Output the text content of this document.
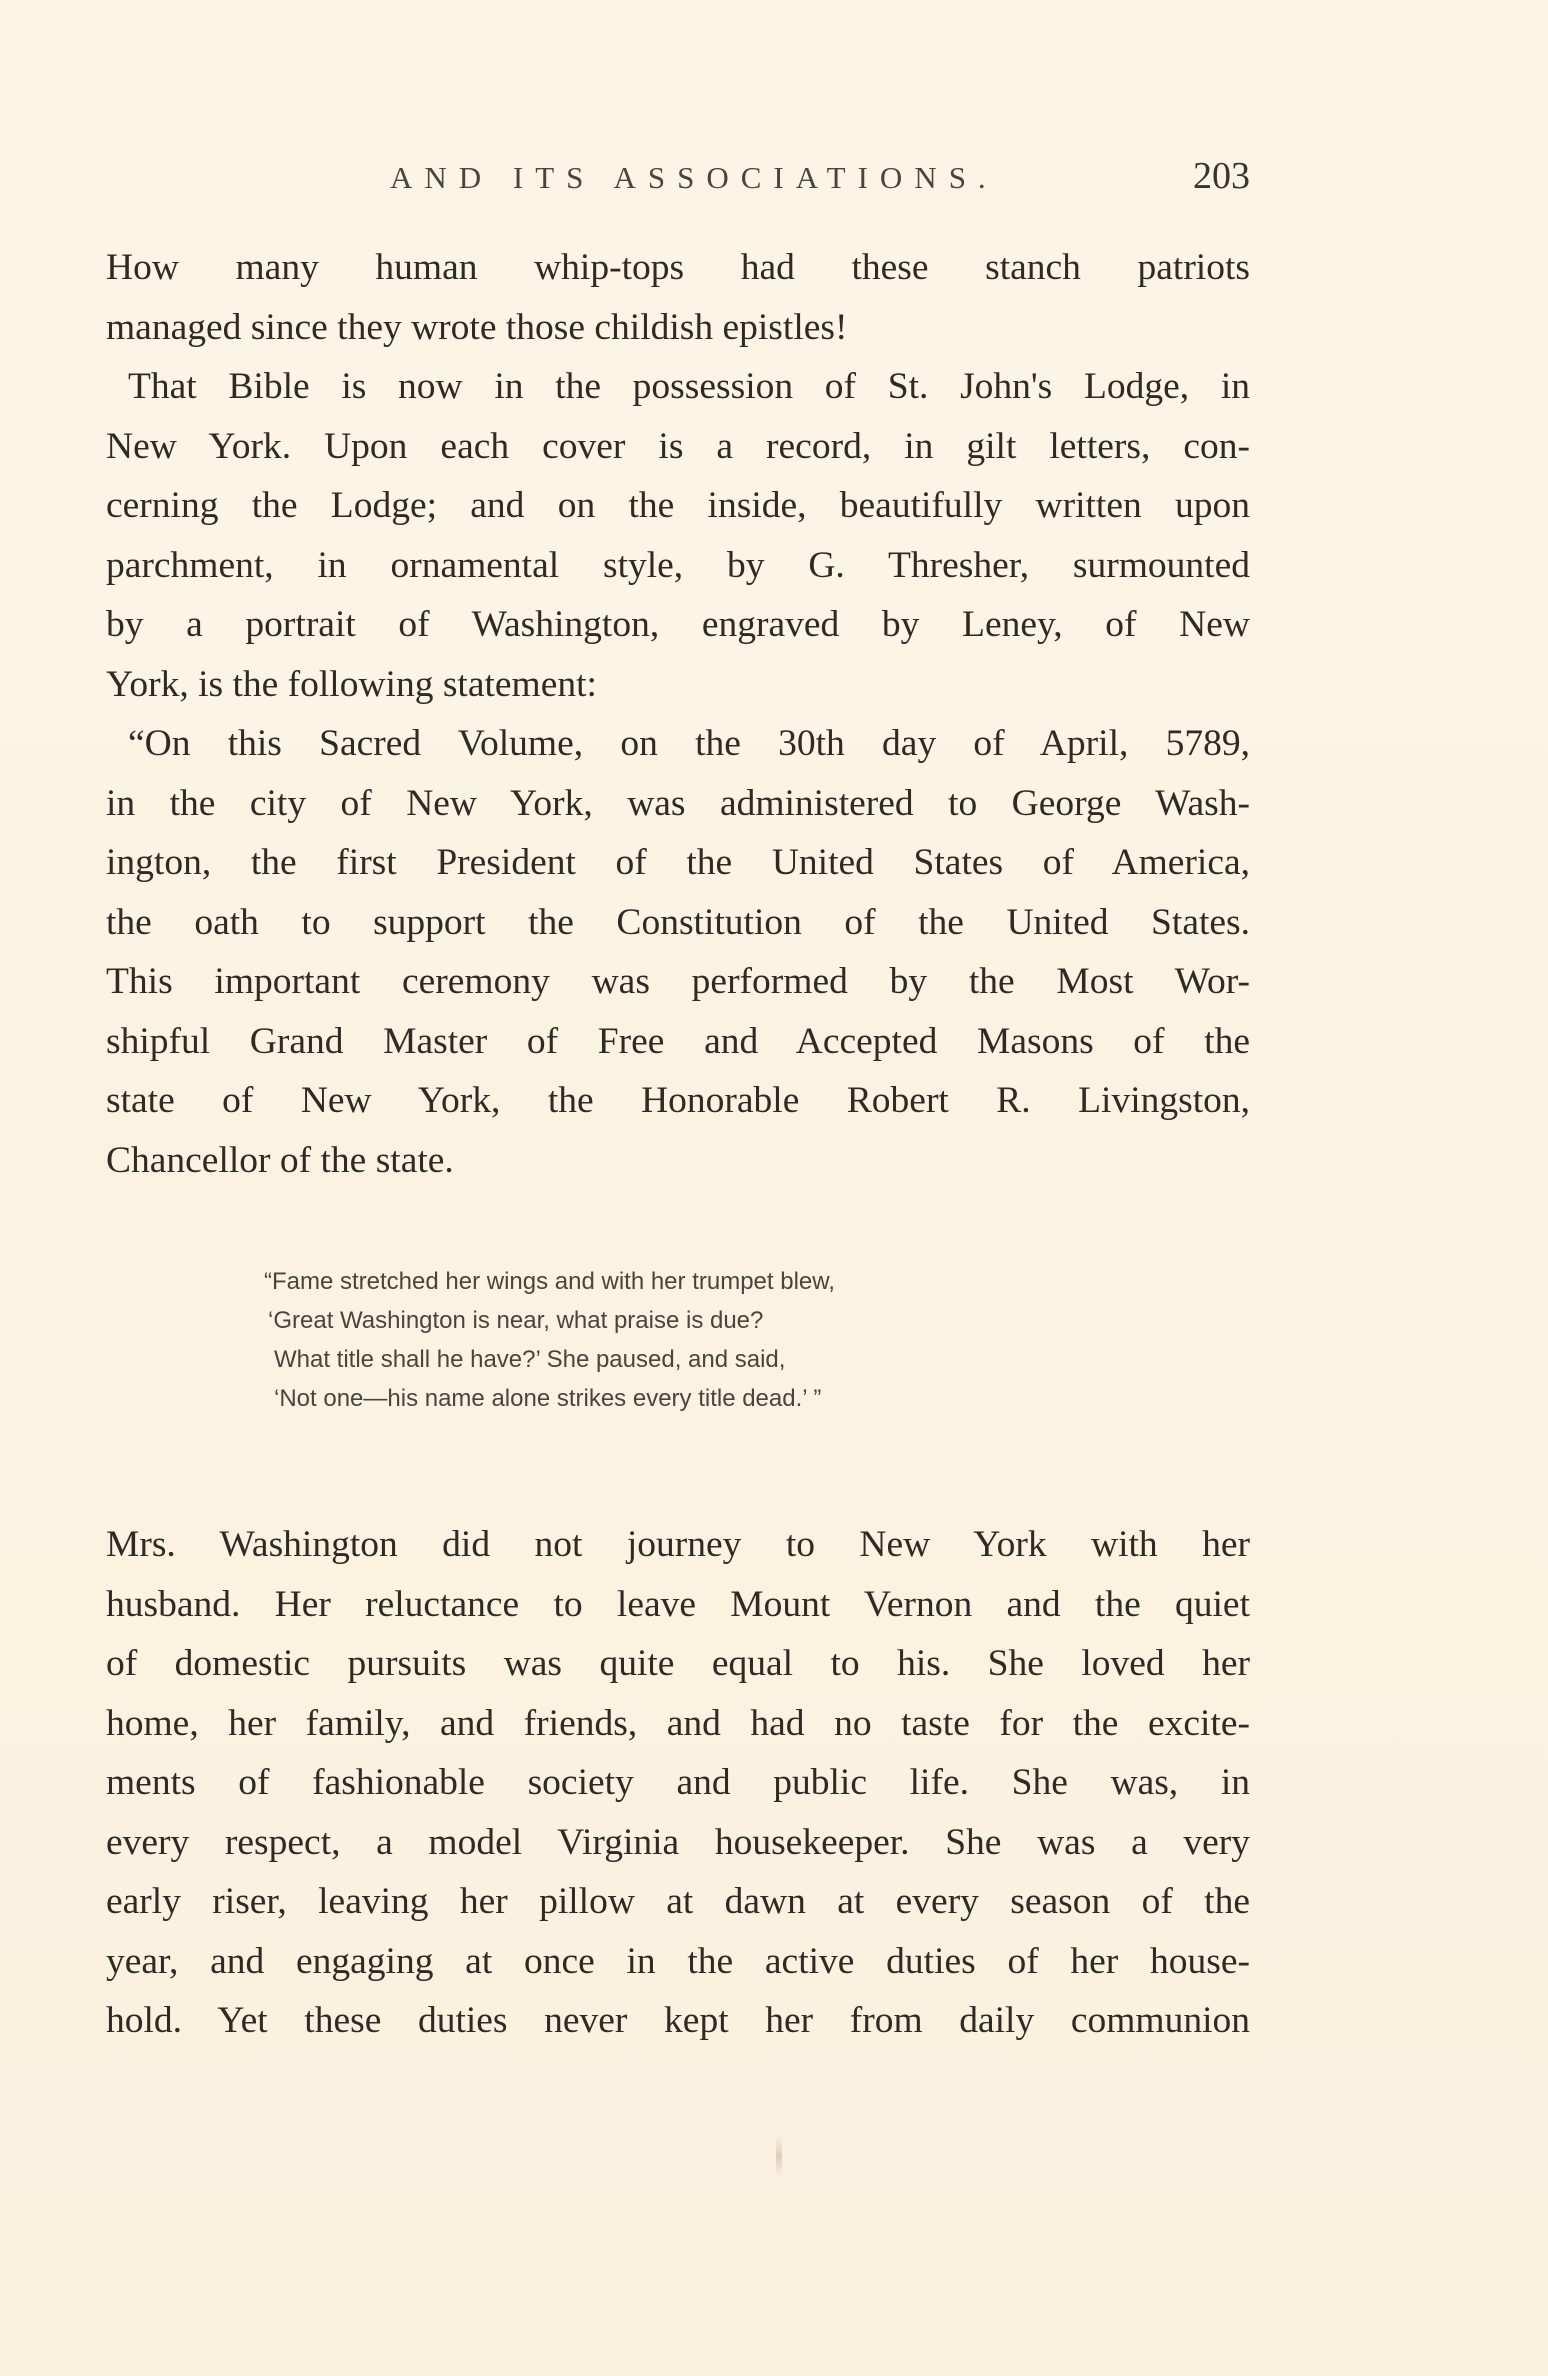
AND ITS ASSOCIATIONS.	203
How many human whip-tops had these stanch patriots
managed since they wrote those childish epistles!
That Bible is now in the possession of St. John's Lodge, in
New York. Upon each cover is a record, in gilt letters, con-
cerning the Lodge; and on the inside, beautifully written upon
parchment, in ornamental style, by G. Thresher, surmounted
by a portrait of Washington, engraved by Leney, of New
York, is the following statement:
“On this Sacred Volume, on the 30th day of April, 5789,
in the city of New York, was administered to George Wash-
ington, the first President of the United States of America,
the oath to support the Constitution of the United States.
This important ceremony was performed by the Most Wor-
shipful Grand Master of Free and Accepted Masons of the
state of New York, the Honorable Robert R. Livingston,
Chancellor of the state.
“Fame stretched her wings and with her trumpet blew,
‘Great Washington is near, what praise is due?
What title shall he have?’ She paused, and said,
‘Not one—his name alone strikes every title dead.’ ”
Mrs. Washington did not journey to New York with her
husband. Her reluctance to leave Mount Vernon and the quiet
of domestic pursuits was quite equal to his. She loved her
home, her family, and friends, and had no taste for the excite-
ments of fashionable society and public life. She was, in
every respect, a model Virginia housekeeper. She was a very
early riser, leaving her pillow at dawn at every season of the
year, and engaging at once in the active duties of her house-
hold. Yet these duties never kept her from daily communion
